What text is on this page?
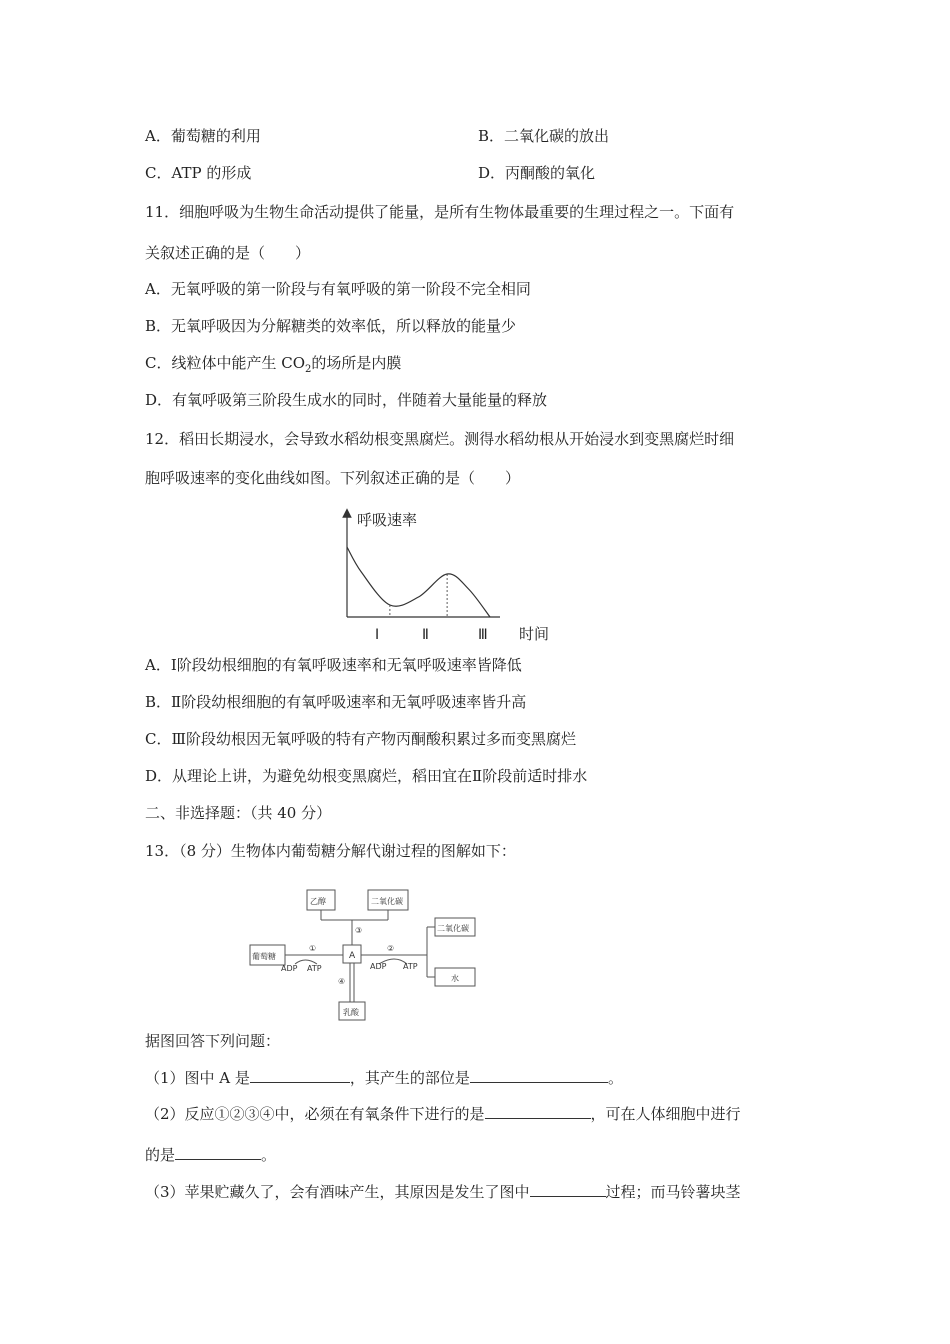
A．葡萄糖的利用	B．二氧化碳的放出
C．ATP 的形成	D．丙酮酸的氧化
11．细胞呼吸为生物生命活动提供了能量，是所有生物体最重要的生理过程之一。下面有
关叙述正确的是（　　）
A．无氧呼吸的第一阶段与有氧呼吸的第一阶段不完全相同
B．无氧呼吸因为分解糖类的效率低，所以释放的能量少
C．线粒体中能产生 $CO_2$的场所是内膜
D．有氧呼吸第三阶段生成水的同时，伴随着大量能量的释放
12．稻田长期浸水，会导致水稻幼根变黑腐烂。测得水稻幼根从开始浸水到变黑腐烂时细
胞呼吸速率的变化曲线如图。下列叙述正确的是（　　）
呼吸速率
时间
Ⅰ	Ⅱ	Ⅲ
A．Ⅰ阶段幼根细胞的有氧呼吸速率和无氧呼吸速率皆降低
B．Ⅱ阶段幼根细胞的有氧呼吸速率和无氧呼吸速率皆升高
C．Ⅲ阶段幼根因无氧呼吸的特有产物丙酮酸积累过多而变黑腐烂
D．从理论上讲，为避免幼根变黑腐烂，稻田宜在Ⅱ阶段前适时排水
二、非选择题：（共 40 分）
13．（8 分）生物体内葡萄糖分解代谢过程的图解如下：
乙醇	二氧化碳
葡萄糖	A
二氧化碳
水
乳酸
①	②
③
④
ADP ATP	ADP ATP
据图回答下列问题：
（1）图中 A 是	，其产生的部位是	。
（2）反应①②③④中，必须在有氧条件下进行的是	，可在人体细胞中进行
的是	。
（3）苹果贮藏久了，会有酒味产生，其原因是发生了图中	过程；而马铃薯块茎
